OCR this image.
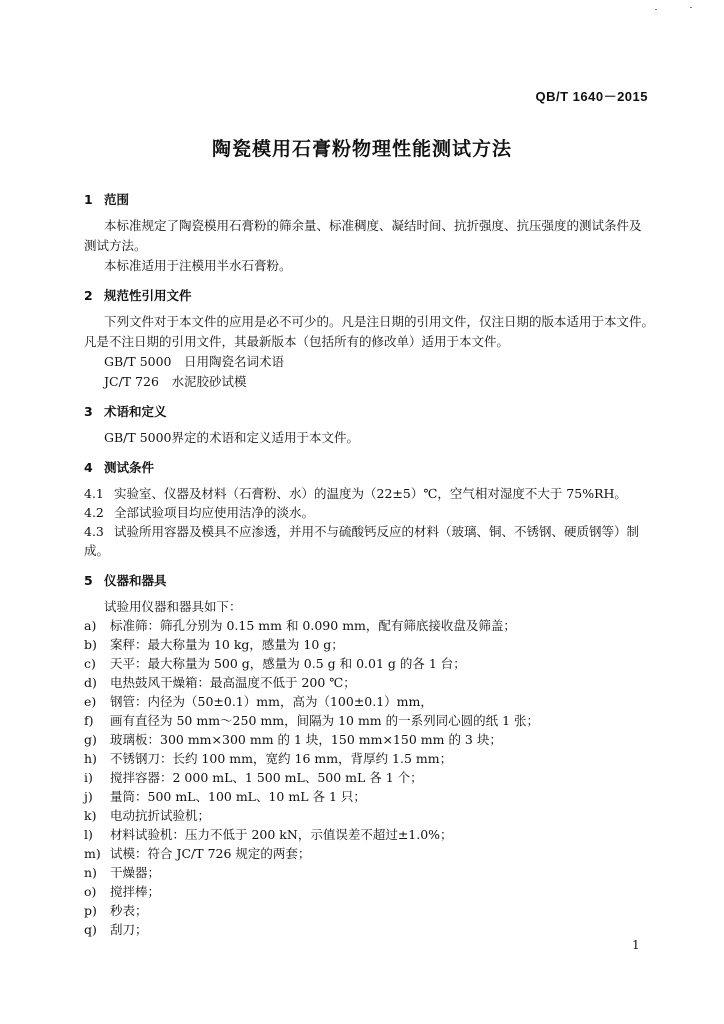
QB/T 1640－2015
陶瓷模用石膏粉物理性能测试方法
1 范围
本标准规定了陶瓷模用石膏粉的筛余量、标准稠度、凝结时间、抗折强度、抗压强度的测试条件及
测试方法。
本标准适用于注模用半水石膏粉。
2 规范性引用文件
下列文件对于本文件的应用是必不可少的。凡是注日期的引用文件，仅注日期的版本适用于本文件。
凡是不注日期的引用文件，其最新版本（包括所有的修改单）适用于本文件。
GB/T 5000　日用陶瓷名词术语
JC/T 726　水泥胶砂试模
3 术语和定义
GB/T 5000界定的术语和定义适用于本文件。
4 测试条件
4.1 实验室、仪器及材料（石膏粉、水）的温度为（22±5）℃，空气相对湿度不大于 75%RH。
4.2 全部试验项目均应使用洁净的淡水。
4.3 试验所用容器及模具不应渗透，并用不与硫酸钙反应的材料（玻璃、铜、不锈钢、硬质钢等）制
成。
5 仪器和器具
试验用仪器和器具如下：
a) 标准筛：筛孔分别为 0.15 mm 和 0.090 mm，配有筛底接收盘及筛盖；
b) 案秤：最大称量为 10 kg，感量为 10 g；
c) 天平：最大称量为 500 g，感量为 0.5 g 和 0.01 g 的各 1 台；
d) 电热鼓风干燥箱：最高温度不低于 200 ℃；
e) 钢管：内径为（50±0.1）mm，高为（100±0.1）mm，
f) 画有直径为 50 mm～250 mm，间隔为 10 mm 的一系列同心圆的纸 1 张；
g) 玻璃板：300 mm×300 mm 的 1 块，150 mm×150 mm 的 3 块；
h) 不锈钢刀：长约 100 mm，宽约 16 mm，背厚约 1.5 mm；
i) 搅拌容器：2 000 mL、1 500 mL、500 mL 各 1 个；
j) 量筒：500 mL、100 mL、10 mL 各 1 只；
k) 电动抗折试验机；
l) 材料试验机：压力不低于 200 kN，示值误差不超过±1.0%；
m) 试模：符合 JC/T 726 规定的两套；
n) 干燥器；
o) 搅拌棒；
p) 秒表；
q) 刮刀；
1
